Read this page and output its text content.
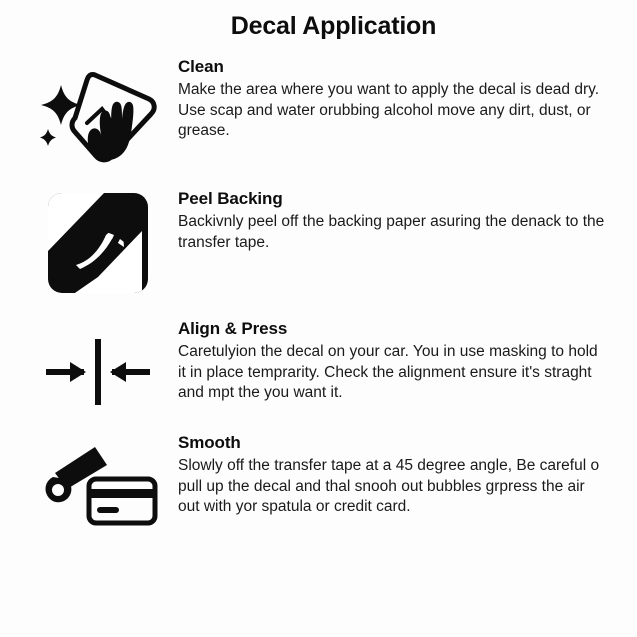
Decal Application

Clean

Make the area where you want to apply the decal is dead dry. Use scap and water orubbing alcohol move any dirt, dust, or grease.

Peel Backing

Backivnly peel off the backing paper asuring the denack to the transfer tape.

Align & Press

Caretulyion the decal on your car. You in use masking to hold it in place temprarity. Check the alignment ensure it's straght and mpt the you want it.

Smooth

Slowly off the transfer tape at a 45 degree angle, Be careful o pull up the decal and thal snooh out bubbles grpress the air out with yor spatula or credit card.
